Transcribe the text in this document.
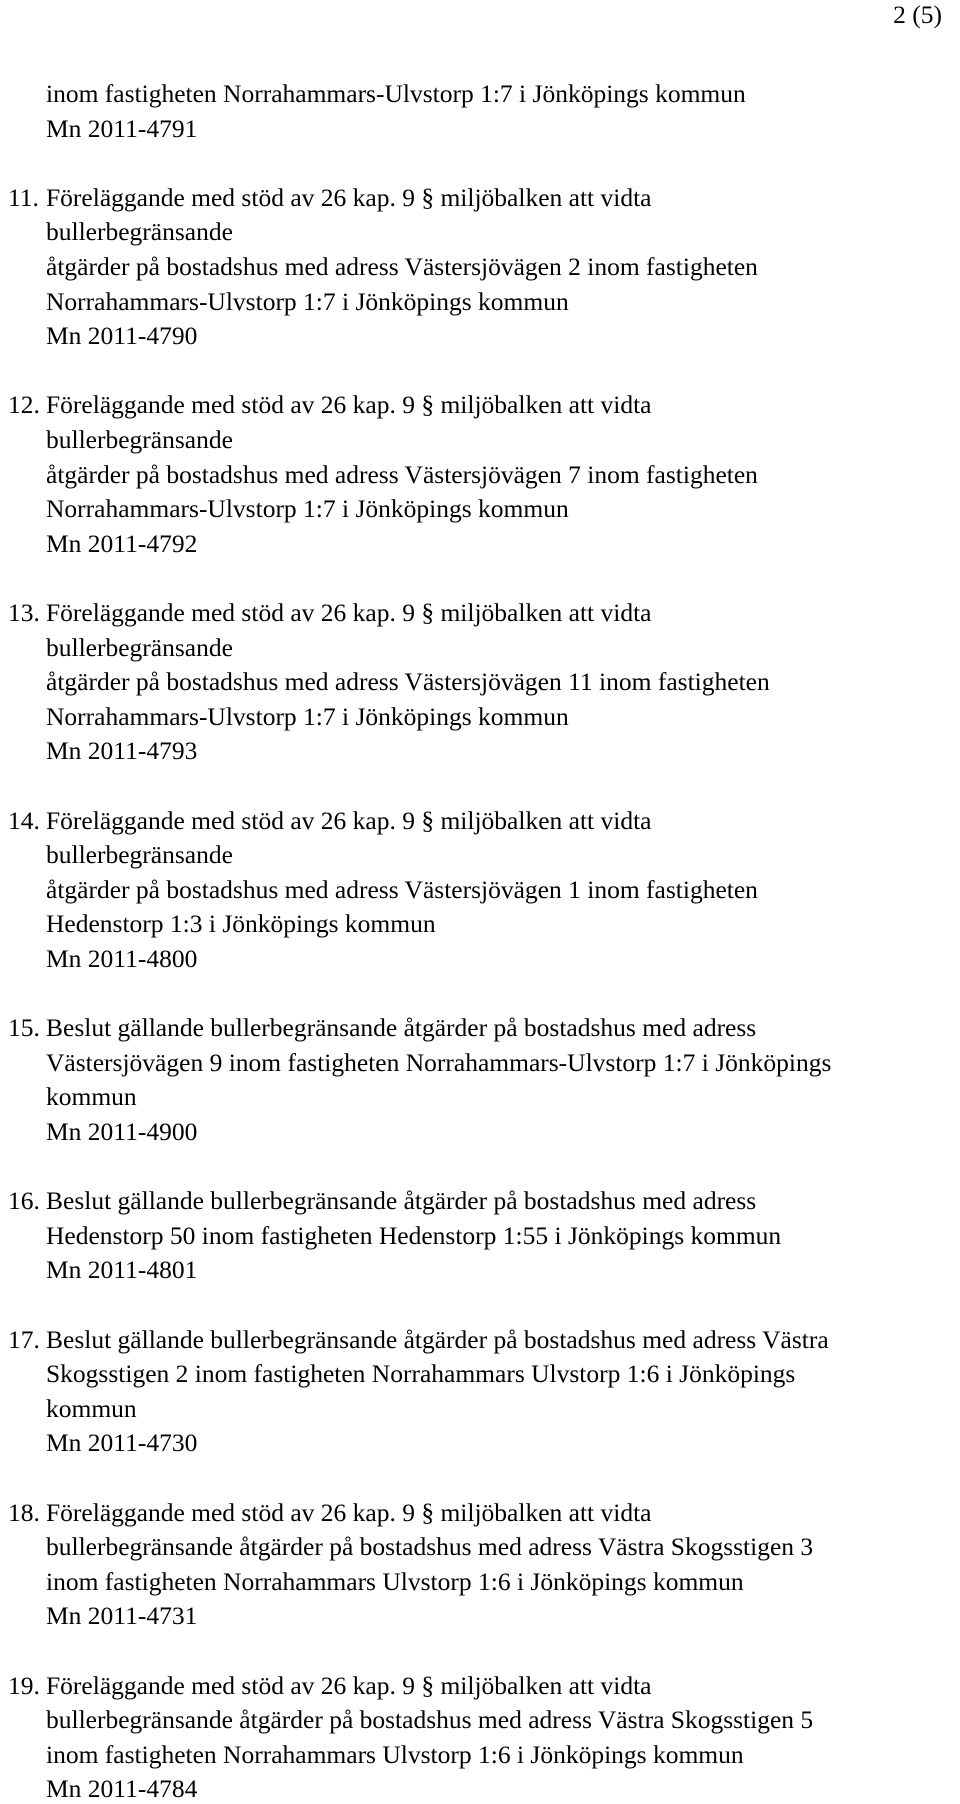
2 (5)
inom fastigheten Norrahammars-Ulvstorp 1:7 i Jönköpings kommun
Mn 2011-4791
11. Föreläggande med stöd av 26 kap. 9 § miljöbalken att vidta
bullerbegränsande
åtgärder på bostadshus med adress Västersjövägen 2 inom fastigheten
Norrahammars-Ulvstorp 1:7 i Jönköpings kommun
Mn 2011-4790
12. Föreläggande med stöd av 26 kap. 9 § miljöbalken att vidta
bullerbegränsande
åtgärder på bostadshus med adress Västersjövägen 7 inom fastigheten
Norrahammars-Ulvstorp 1:7 i Jönköpings kommun
Mn 2011-4792
13. Föreläggande med stöd av 26 kap. 9 § miljöbalken att vidta
bullerbegränsande
åtgärder på bostadshus med adress Västersjövägen 11 inom fastigheten
Norrahammars-Ulvstorp 1:7 i Jönköpings kommun
Mn 2011-4793
14. Föreläggande med stöd av 26 kap. 9 § miljöbalken att vidta
bullerbegränsande
åtgärder på bostadshus med adress Västersjövägen 1 inom fastigheten
Hedenstorp 1:3 i Jönköpings kommun
Mn 2011-4800
15. Beslut gällande bullerbegränsande åtgärder på bostadshus med adress
Västersjövägen 9 inom fastigheten Norrahammars-Ulvstorp 1:7 i Jönköpings
kommun
Mn 2011-4900
16. Beslut gällande bullerbegränsande åtgärder på bostadshus med adress
Hedenstorp 50 inom fastigheten Hedenstorp 1:55 i Jönköpings kommun
Mn 2011-4801
17. Beslut gällande bullerbegränsande åtgärder på bostadshus med adress Västra
Skogsstigen 2 inom fastigheten Norrahammars Ulvstorp 1:6 i Jönköpings
kommun
Mn 2011-4730
18. Föreläggande med stöd av 26 kap. 9 § miljöbalken att vidta
bullerbegränsande åtgärder på bostadshus med adress Västra Skogsstigen 3
inom fastigheten Norrahammars Ulvstorp 1:6 i Jönköpings kommun
Mn 2011-4731
19. Föreläggande med stöd av 26 kap. 9 § miljöbalken att vidta
bullerbegränsande åtgärder på bostadshus med adress Västra Skogsstigen 5
inom fastigheten Norrahammars Ulvstorp 1:6 i Jönköpings kommun
Mn 2011-4784
